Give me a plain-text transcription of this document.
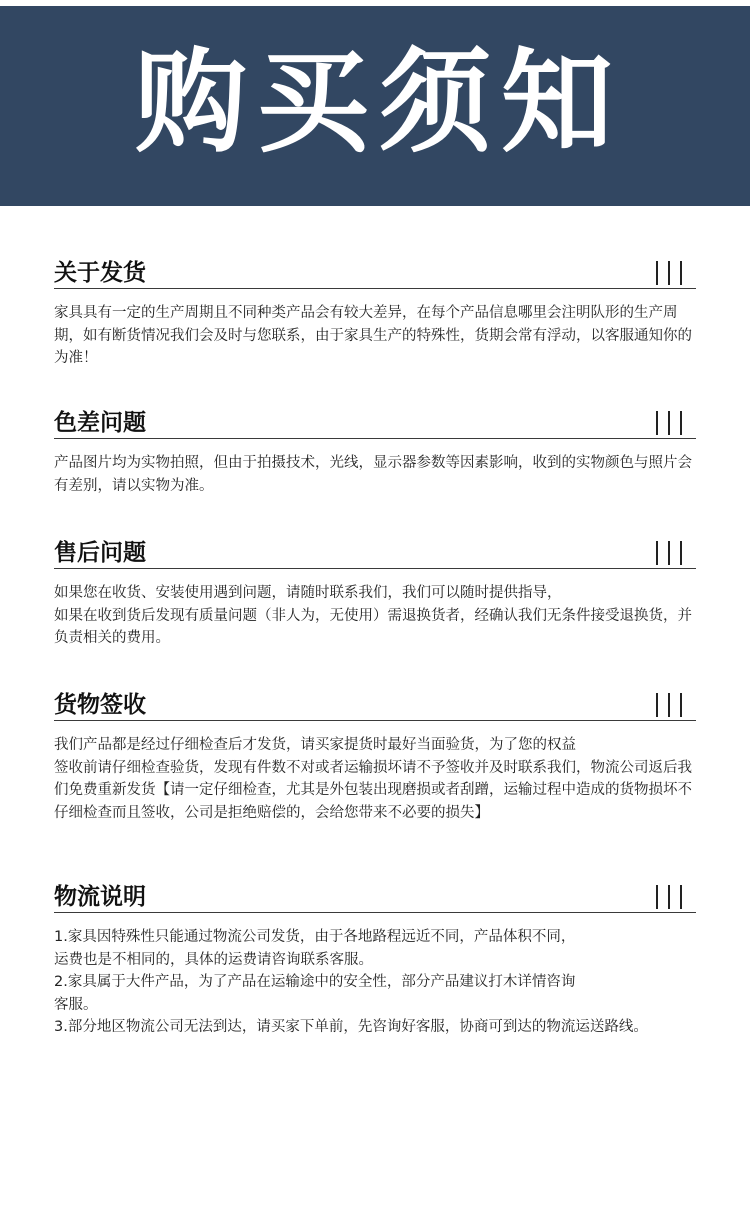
购买须知
关于发货

家具具有一定的生产周期且不同种类产品会有较大差异，在每个产品信息哪里会注明队形的生产周期，如有断货情况我们会及时与您联系，由于家具生产的特殊性，货期会常有浮动，以客服通知你的为准！

色差问题

产品图片均为实物拍照，但由于拍摄技术，光线，显示器参数等因素影响，收到的实物颜色与照片会有差别，请以实物为准。

售后问题

如果您在收货、安装使用遇到问题，请随时联系我们，我们可以随时提供指导，

如果在收到货后发现有质量问题（非人为，无使用）需退换货者，经确认我们无条件接受退换货，并负责相关的费用。

货物签收

我们产品都是经过仔细检查后才发货，请买家提货时最好当面验货，为了您的权益

签收前请仔细检查验货，发现有件数不对或者运输损坏请不予签收并及时联系我们，物流公司返后我们免费重新发货【请一定仔细检查，尤其是外包装出现磨损或者刮蹭，运输过程中造成的货物损坏不仔细检查而且签收，公司是拒绝赔偿的，会给您带来不必要的损失】

物流说明

1.家具因特殊性只能通过物流公司发货，由于各地路程远近不同，产品体积不同，

运费也是不相同的，具体的运费请咨询联系客服。

2.家具属于大件产品，为了产品在运输途中的安全性，部分产品建议打木详情咨询

客服。

3.部分地区物流公司无法到达，请买家下单前，先咨询好客服，协商可到达的物流运送路线。
